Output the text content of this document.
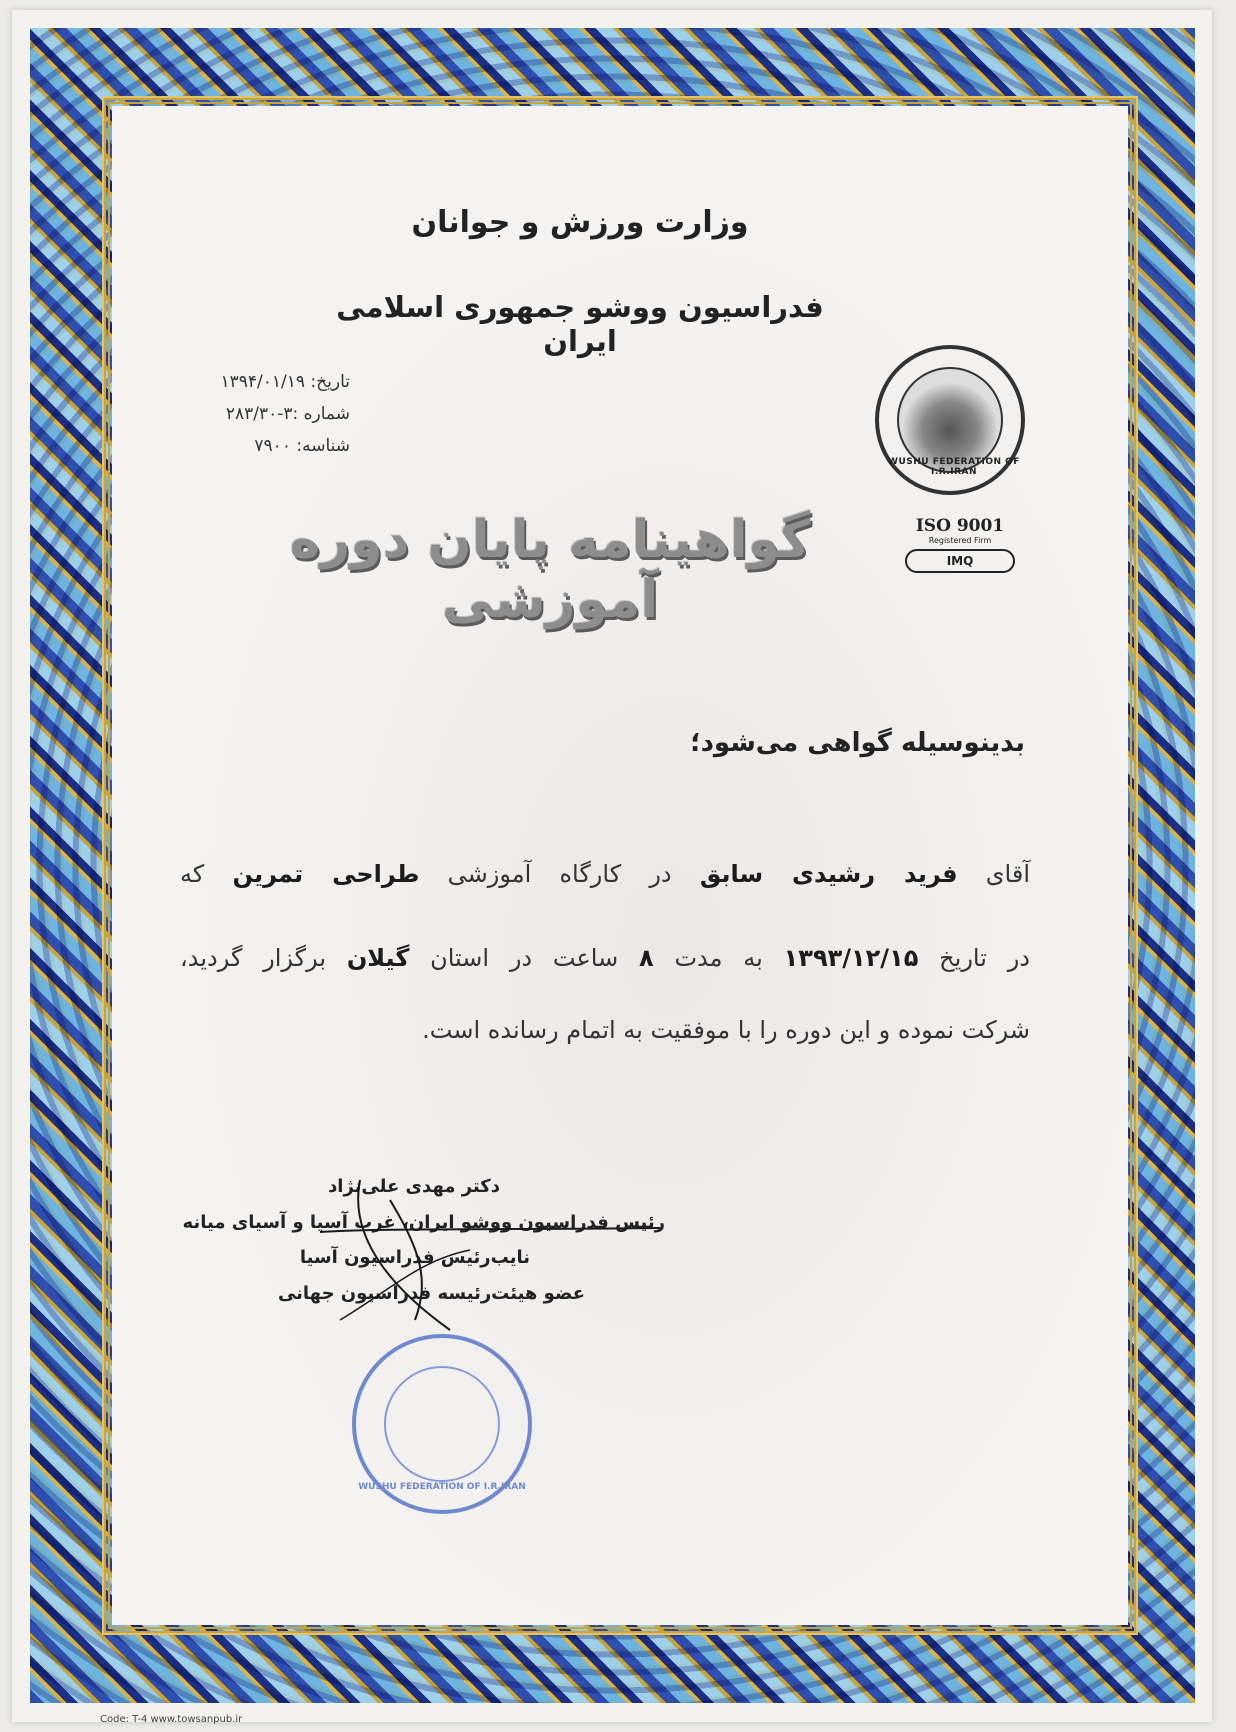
وزارت ورزش و جوانان
فدراسیون ووشو جمهوری اسلامی ایران
تاریخ: ۱۳۹۴/۰۱/۱۹
شماره :۳-۲۸۳/۳۰
شناسه: ۷۹۰۰
WUSHU FEDERATION OF I.R.IRAN
ISO 9001
Registered Firm
IMQ
گواهینامه پایان دوره آموزشی
بدینوسیله گواهی می‌شود؛
آقای فرید رشیدی سابق در کارگاه آموزشی طراحی تمرین که
در تاریخ ۱۳۹۳/۱۲/۱۵ به مدت ۸ ساعت در استان گیلان برگزار گردید،
شرکت نموده و این دوره را با موفقیت به اتمام رسانده است.
دکتر مهدی علی‌نژاد
رئیس فدراسیون ووشو ایران، غرب آسیا و آسیای میانه
نایب‌رئیس فدراسیون آسیا
عضو هیئت‌رئیسه فدراسیون جهانی
WUSHU FEDERATION OF I.R.IRAN
Code: T-4 www.towsanpub.ir
